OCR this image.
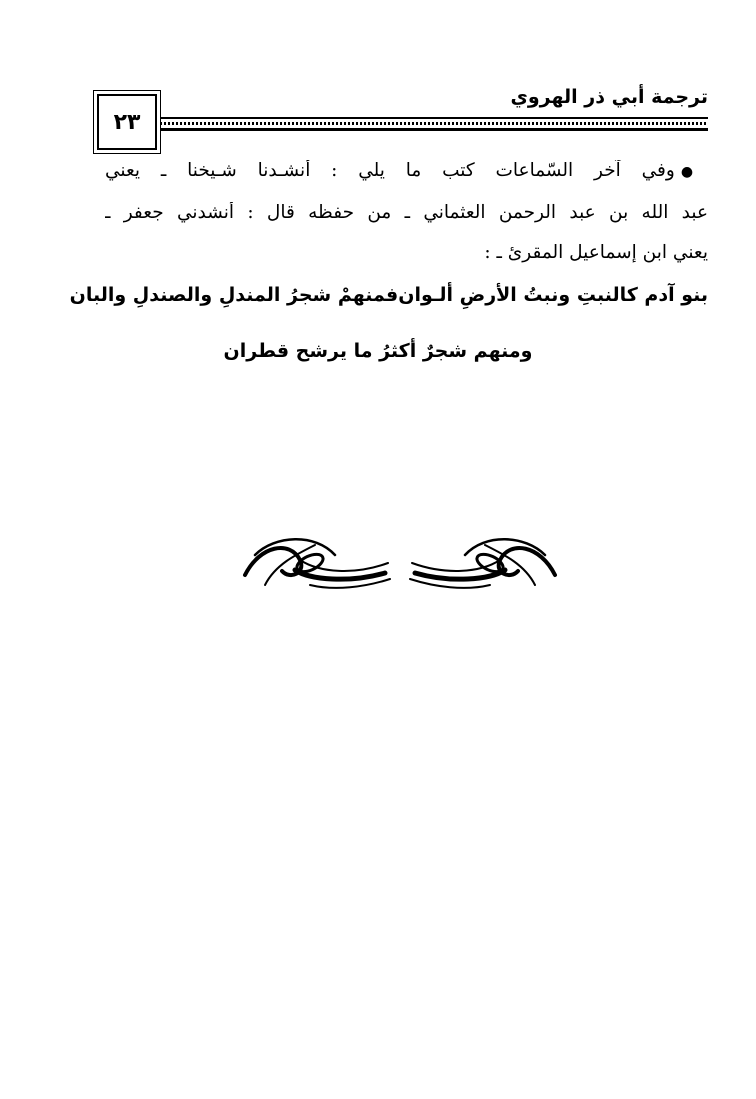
ترجمة أبي ذر الهروي
٢٣
●وفي آخر السّماعات كتب ما يلي : أنشـدنا شـيخنا ـ يعني
عبد الله بن عبد الرحمن العثماني ـ من حفظه قال : أنشدني جعفر ـ
يعني ابن إسماعيل المقرئ ـ :
بنو آدم كالنبتِ ونبتُ الأرضِ ألـوان
فمنهمْ شجرُ المندلِ والصندلِ والبان
ومنهم شجرٌ أكثرُ ما يرشح قطران
